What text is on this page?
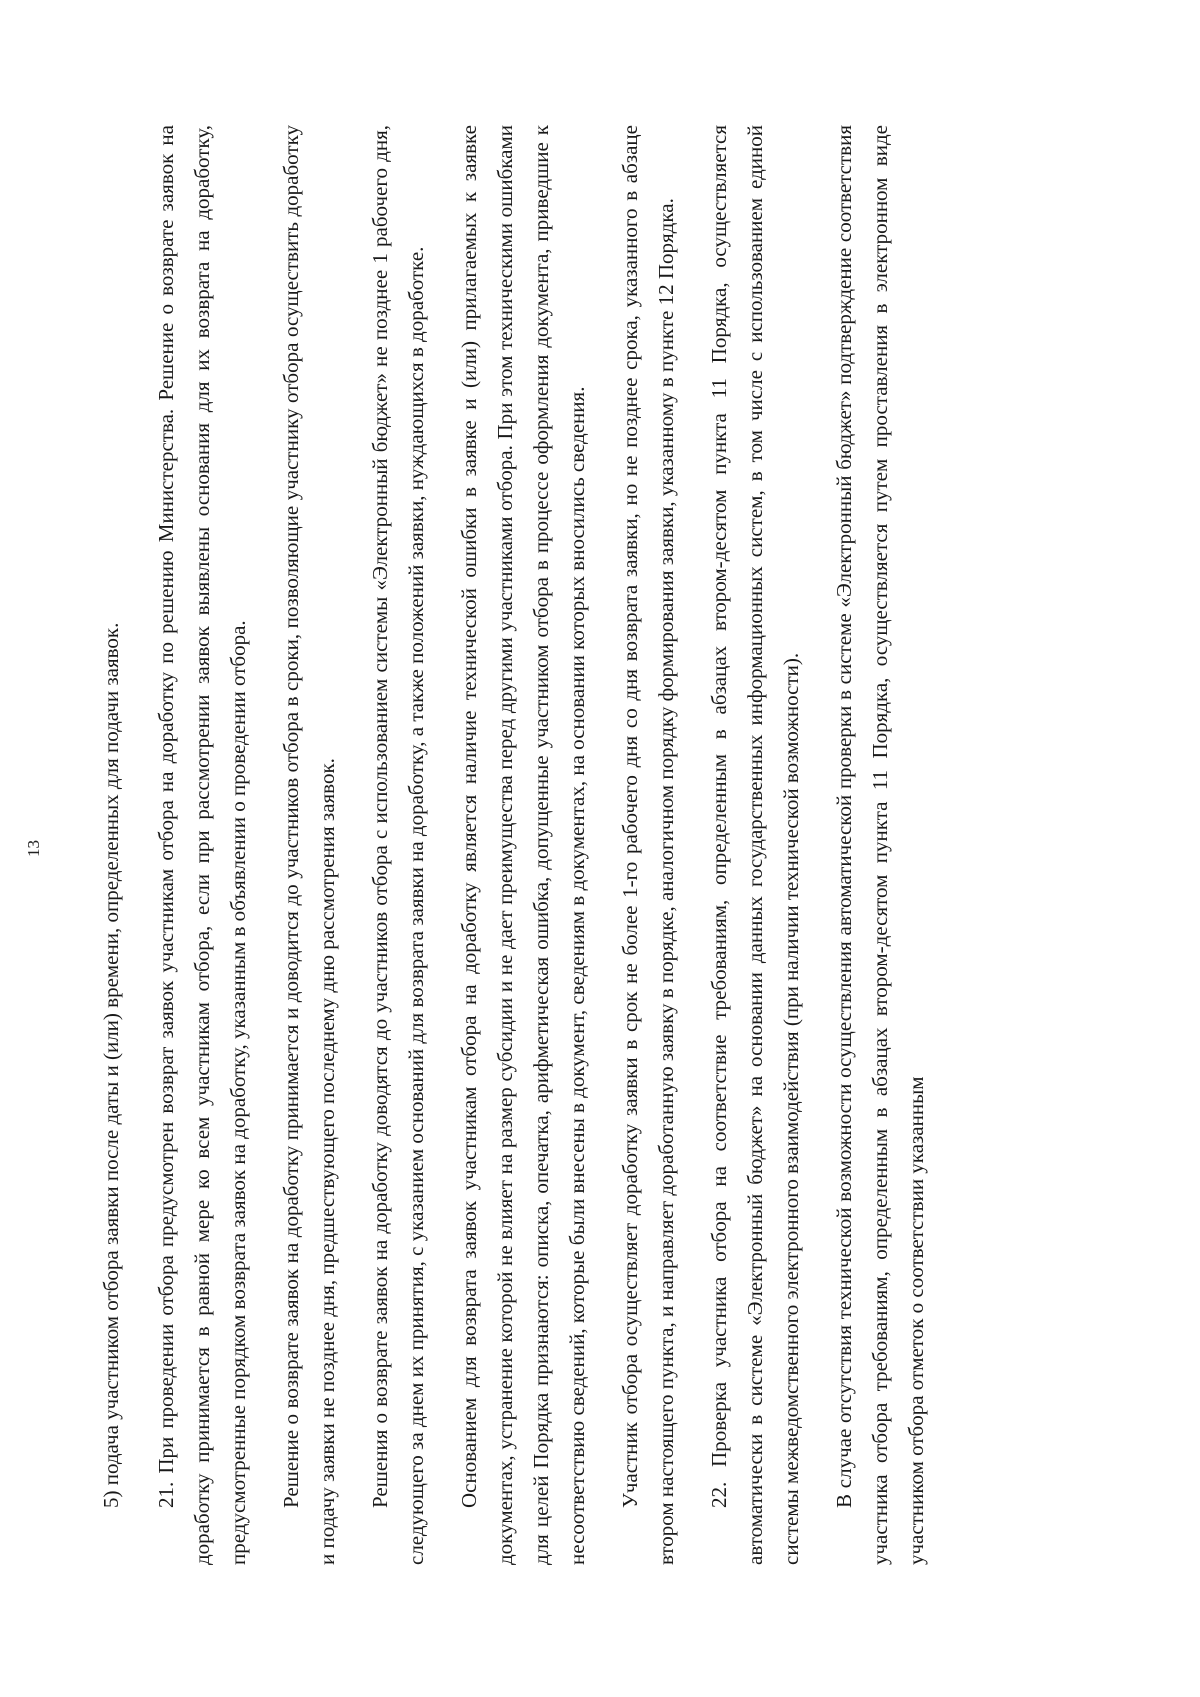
13	5) подача участником отбора заявки после даты и (или) времени, определенных для подачи заявок. 21. При проведении отбора предусмотрен возврат заявок участникам отбора на доработку по решению Министерства. Решение о возврате заявок на доработку принимается в равной мере ко всем участникам отбора, если при рассмотрении заявок выявлены основания для их возврата на доработку, предусмотренные порядком возврата заявок на доработку, указанным в объявлении о проведении отбора. Решение о возврате заявок на доработку принимается и доводится до участников отбора в сроки, позволяющие участнику отбора осуществить доработку и подачу заявки не позднее дня, предшествующего последнему дню рассмотрения заявок. Решения о возврате заявок на доработку доводятся до участников отбора с использованием системы «Электронный бюджет» не позднее 1 рабочего дня, следующего за днем их принятия, с указанием оснований для возврата заявки на доработку, а также положений заявки, нуждающихся в доработке. Основанием для возврата заявок участникам отбора на доработку является наличие технической ошибки в заявке и (или) прилагаемых к заявке документах, устранение которой не влияет на размер субсидии и не дает преимущества перед другими участниками отбора. При этом техническими ошибками для целей Порядка признаются: описка, опечатка, арифметическая ошибка, допущенные участником отбора в процессе оформления документа, приведшие к несоответствию сведений, которые были внесены в документ, сведениям в документах, на основании которых вносились сведения. Участник отбора осуществляет доработку заявки в срок не более 1-го рабочего дня со дня возврата заявки, но не позднее срока, указанного в абзаце втором настоящего пункта, и направляет доработанную заявку в порядке, аналогичном порядку формирования заявки, указанному в пункте 12 Порядка. 22. Проверка участника отбора на соответствие требованиям, определенным в абзацах втором-десятом пункта 11 Порядка, осуществляется автоматически в системе «Электронный бюджет» на основании данных государственных информационных систем, в том числе с использованием единой системы межведомственного электронного взаимодействия (при наличии технической возможности). В случае отсутствия технической возможности осуществления автоматической проверки в системе «Электронный бюджет» подтверждение соответствия участника отбора требованиям, определенным в абзацах втором-десятом пункта 11 Порядка, осуществляется путем проставления в электронном виде участником отбора отметок о соответствии указанным
